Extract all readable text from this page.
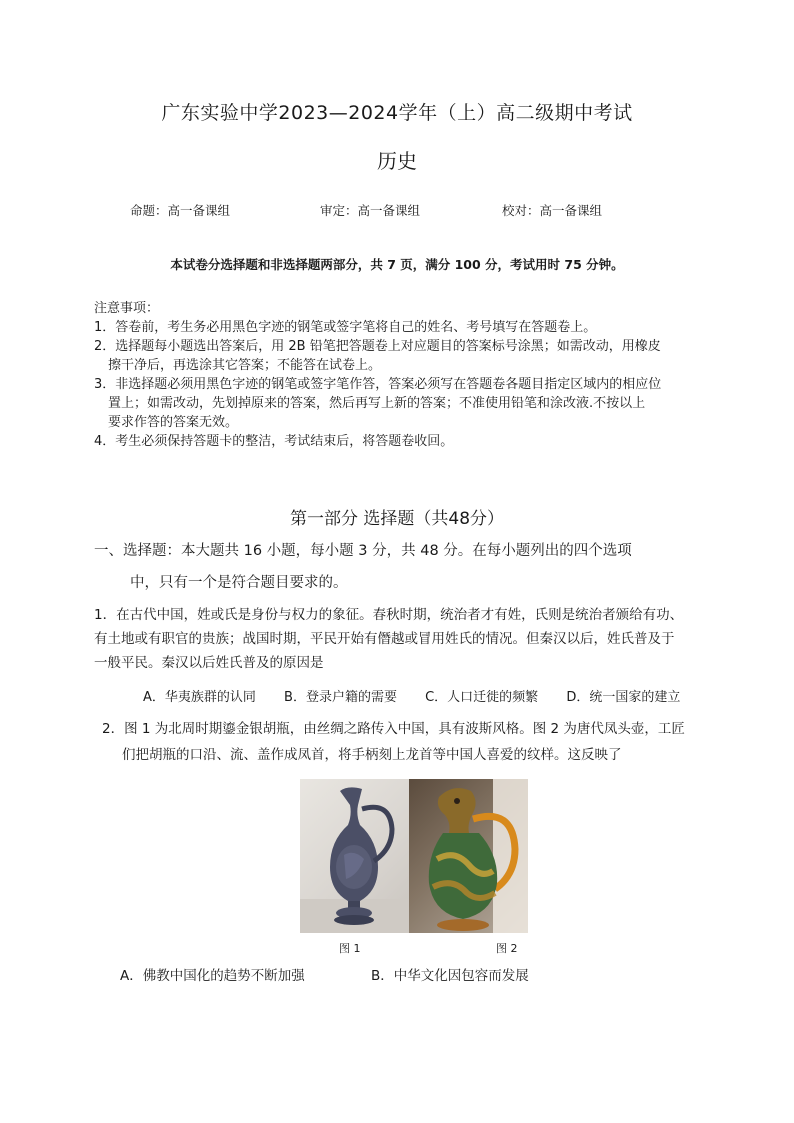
广东实验中学2023—2024学年（上）高二级期中考试
历史
命题：高一备课组	审定：高一备课组	校对：高一备课组
本试卷分选择题和非选择题两部分，共 7 页，满分 100 分，考试用时 75 分钟。
注意事项：
1．答卷前，考生务必用黑色字迹的钢笔或签字笔将自己的姓名、考号填写在答题卷上。
2．选择题每小题选出答案后，用 2B 铅笔把答题卷上对应题目的答案标号涂黑；如需改动，用橡皮
擦干净后，再选涂其它答案；不能答在试卷上。
3．非选择题必须用黑色字迹的钢笔或签字笔作答，答案必须写在答题卷各题目指定区域内的相应位
置上；如需改动，先划掉原来的答案，然后再写上新的答案；不准使用铅笔和涂改液.不按以上
要求作答的答案无效。
4．考生必须保持答题卡的整洁，考试结束后，将答题卷收回。
第一部分 选择题（共48分）
一、选择题：本大题共 16 小题，每小题 3 分，共 48 分。在每小题列出的四个选项
中，只有一个是符合题目要求的。
1．在古代中国，姓或氏是身份与权力的象征。春秋时期，统治者才有姓，氏则是统治者颁给有功、
有土地或有职官的贵族；战国时期，平民开始有僭越或冒用姓氏的情况。但秦汉以后，姓氏普及于
一般平民。秦汉以后姓氏普及的原因是
A．华夷族群的认同 B．登录户籍的需要 C．人口迁徙的频繁 D．统一国家的建立
2．图 1 为北周时期鎏金银胡瓶，由丝绸之路传入中国，具有波斯风格。图 2 为唐代凤头壶，工匠
们把胡瓶的口沿、流、盖作成凤首，将手柄刻上龙首等中国人喜爱的纹样。这反映了
图 1	图 2
A．佛教中国化的趋势不断加强	B．中华文化因包容而发展
